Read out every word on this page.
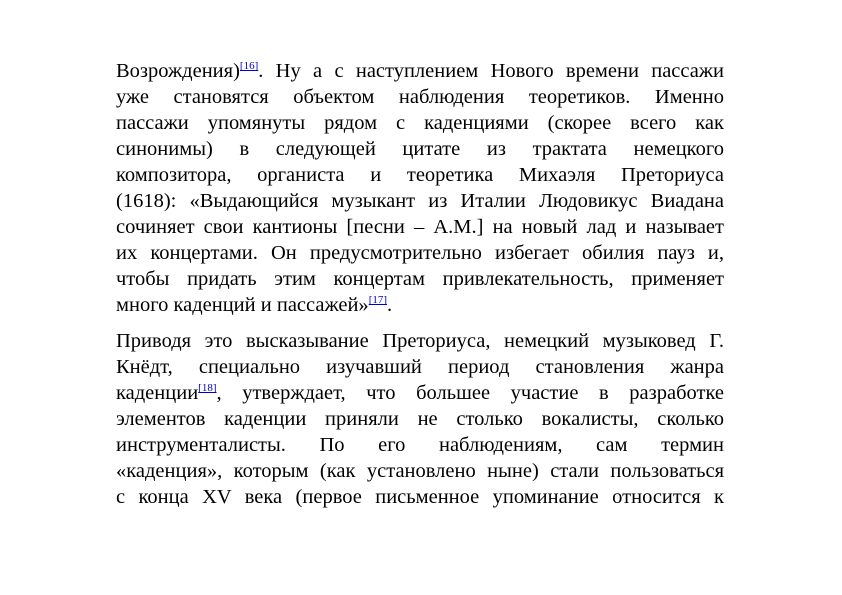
Возрождения)[16]. Ну а с наступлением Нового времени пассажи
уже становятся объектом наблюдения теоретиков. Именно
пассажи упомянуты рядом с каденциями (скорее всего как
синонимы) в следующей цитате из трактата немецкого
композитора, органиста и теоретика Михаэля Преториуса
(1618): «Выдающийся музыкант из Италии Людовикус Виадана
сочиняет свои кантионы [песни – А.М.] на новый лад и называет
их концертами. Он предусмотрительно избегает обилия пауз и,
чтобы придать этим концертам привлекательность, применяет
много каденций и пассажей»[17].
Приводя это высказывание Преториуса, немецкий музыковед Г.
Кнёдт, специально изучавший период становления жанра
каденции[18], утверждает, что большее участие в разработке
элементов каденции приняли не столько вокалисты, сколько
инструменталисты. По его наблюдениям, сам термин
«каденция», которым (как установлено ныне) стали пользоваться
с конца XV века (первое письменное упоминание относится к
